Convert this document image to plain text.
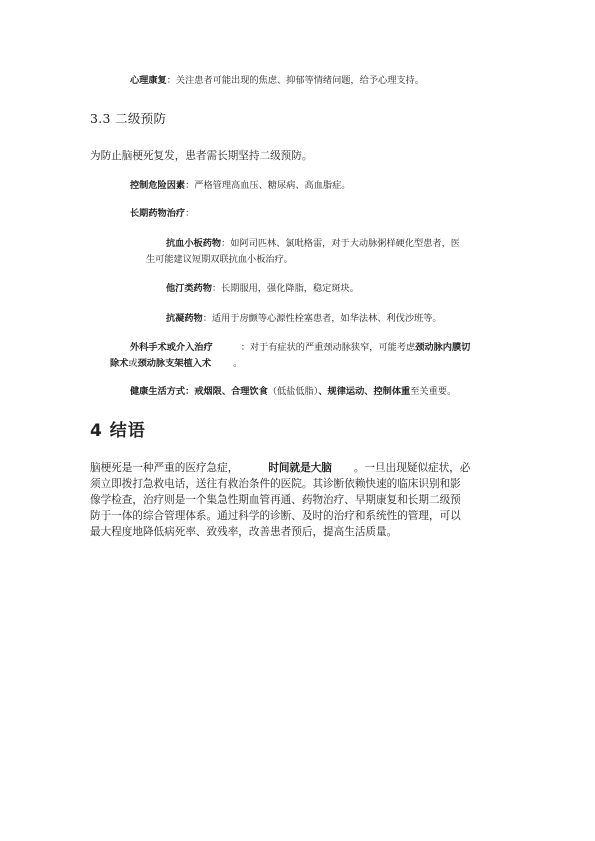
心理康复：关注患者可能出现的焦虑、抑郁等情绪问题，给予心理支持。
3.3 二级预防
为防止脑梗死复发，患者需长期坚持二级预防。
控制危险因素：严格管理高血压、糖尿病、高血脂症。
长期药物治疗：
抗血小板药物：如阿司匹林、氯吡格雷，对于大动脉粥样硬化型患者，医
生可能建议短期双联抗血小板治疗。
他汀类药物：长期服用，强化降脂，稳定斑块。
抗凝药物：适用于房颤等心源性栓塞患者，如华法林、利伐沙班等。
外科手术或介入治疗	：对于有症状的严重颈动脉狭窄，可能考虑颈动脉内膜切
除术或颈动脉支架植入术 。
健康生活方式：戒烟限、合理饮食（低盐低脂）、规律运动、控制体重至关重要。
4 结语
脑梗死是一种严重的医疗急症，	时间就是大脑 。一旦出现疑似症状，必
须立即拨打急救电话，送往有救治条件的医院。其诊断依赖快速的临床识别和影
像学检查，治疗则是一个集急性期血管再通、药物治疗、早期康复和长期二级预
防于一体的综合管理体系。通过科学的诊断、及时的治疗和系统性的管理，可以
最大程度地降低病死率、致残率，改善患者预后，提高生活质量。
